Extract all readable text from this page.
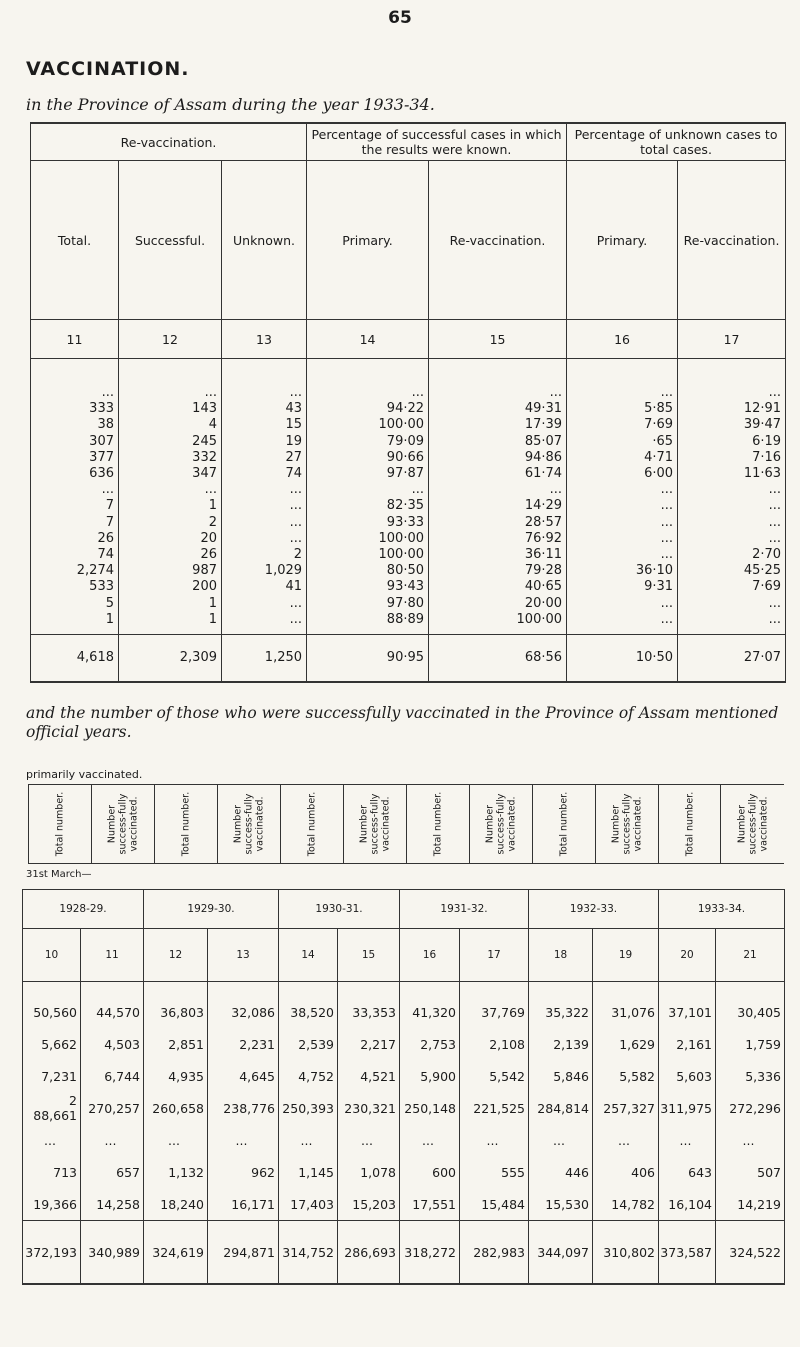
65
VACCINATION.
in the Province of Assam during the year 1933-34.
Re-vaccination.			Percentage of successful cases in which the results were known.		Percentage of unknown cases to total cases.	
Total.	Successful.	Unknown.	Primary.	Re-vaccination.	Primary.	Re-vaccination.
11	12	13	14	15	16	17
...	...	...	...	...	...	...
333	143	43	94·22	49·31	5·85	12·91
38	4	15	100·00	17·39	7·69	39·47
307	245	19	79·09	85·07	·65	6·19
377	332	27	90·66	94·86	4·71	7·16
636	347	74	97·87	61·74	6·00	11·63
...	...	...	...	...	...	...
7	1	...	82·35	14·29	...	...
7	2	...	93·33	28·57	...	...
26	20	...	100·00	76·92	...	...
74	26	2	100·00	36·11	...	2·70
2,274	987	1,029	80·50	79·28	36·10	45·25
533	200	41	93·43	40·65	9·31	7·69
5	1	...	97·80	20·00	...	...
1	1	...	88·89	100·00	...	...
4,618	2,309	1,250	90·95	68·56	10·50	27·07
and the number of those who were successfully vaccinated in the Province of Assam mentioned official years.
primarily vaccinated.
Total number.	Number success-fully vaccinated.	Total number.	Number success-fully vaccinated.	Total number.	Number success-fully vaccinated.	Total number.	Number success-fully vaccinated.	Total number.	Number success-fully vaccinated.	Total number.	Number success-fully vaccinated.
31st March—
1928-29.		1929-30.		1930-31.		1931-32.		1932-33.		1933-34.	
10	11	12	13	14	15	16	17	18	19	20	21
50,560	44,570	36,803	32,086	38,520	33,353	41,320	37,769	35,322	31,076	37,101	30,405
5,662	4,503	2,851	2,231	2,539	2,217	2,753	2,108	2,139	1,629	2,161	1,759
7,231	6,744	4,935	4,645	4,752	4,521	5,900	5,542	5,846	5,582	5,603	5,336
2 88,661	270,257	260,658	238,776	250,393	230,321	250,148	221,525	284,814	257,327	311,975	272,296
...	...	...	...	...	...	...	...	...	...	...	...
713	657	1,132	962	1,145	1,078	600	555	446	406	643	507
19,366	14,258	18,240	16,171	17,403	15,203	17,551	15,484	15,530	14,782	16,104	14,219
372,193	340,989	324,619	294,871	314,752	286,693	318,272	282,983	344,097	310,802	373,587	324,522
